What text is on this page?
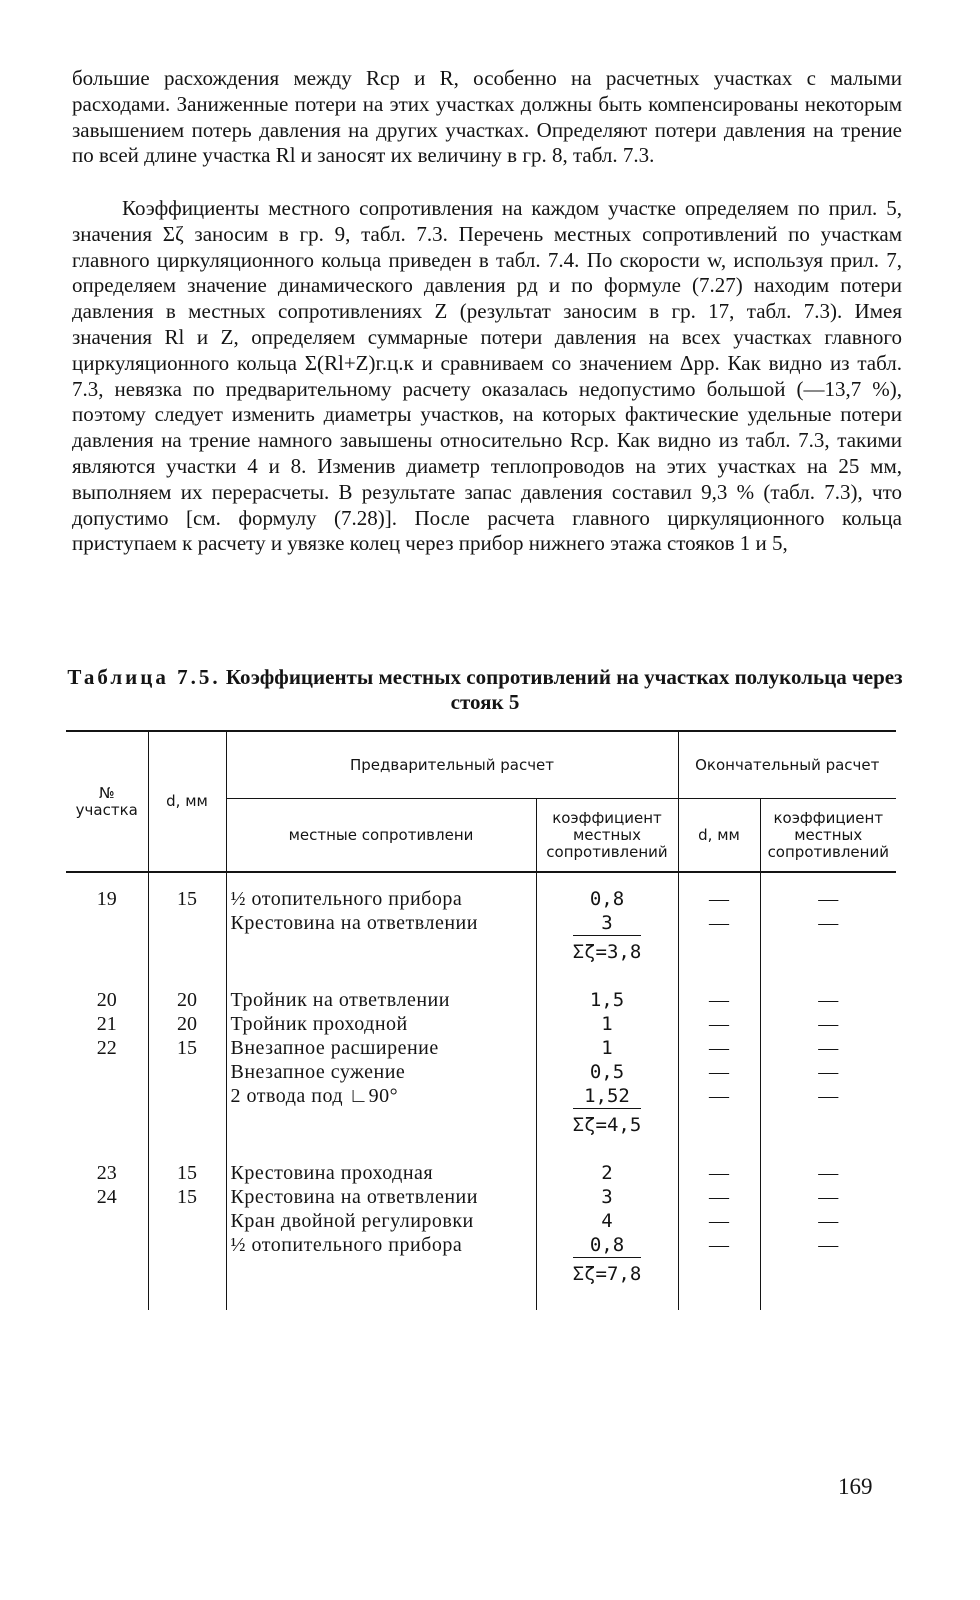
большие расхождения между Rср и R, особенно на расчетных участках с малыми расходами. Заниженные потери на этих участках должны быть компенсированы некоторым завышением потерь давления на других участках. Определяют потери давления на трение по всей длине участка Rl и заносят их величину в гр. 8, табл. 7.3.

Коэффициенты местного сопротивления на каждом участке определяем по прил. 5, значения Σζ заносим в гр. 9, табл. 7.3. Перечень местных сопротивлений по участкам главного циркуляционного кольца приведен в табл. 7.4. По скорости w, используя прил. 7, определяем значение динамического давления pд и по формуле (7.27) находим потери давления в местных сопротивлениях Z (результат заносим в гр. 17, табл. 7.3). Имея значения Rl и Z, определяем суммарные потери давления на всех участках главного циркуляционного кольца Σ(Rl+Z)г.ц.к и сравниваем со значением Δpр. Как видно из табл. 7.3, невязка по предварительному расчету оказалась недопустимо большой (—13,7 %), поэтому следует изменить диаметры участков, на которых фактические удельные потери давления на трение намного завышены относительно Rср. Как видно из табл. 7.3, такими являются участки 4 и 8. Изменив диаметр теплопроводов на этих участках на 25 мм, выполняем их перерасчеты. В результате запас давления составил 9,3 % (табл. 7.3), что допустимо [см. формулу (7.28)]. После расчета главного циркуляционного кольца приступаем к расчету и увязке колец через прибор нижнего этажа стояков 1 и 5,

Таблица 7.5. Коэффициенты местных сопротивлений на участках полукольца через стояк 5

№ участка	d, мм	Предварительный расчет		Окончательный расчет	
		местные сопротивлени	коэффициент местных сопротивлений	d, мм	коэффициент местных сопротивлений

19	15	½ отопительного прибора	0,8	—	—
		Крестовина на ответвлении	3	—	—
			Σζ=3,8		
20	20	Тройник на ответвлении	1,5	—	—
21	20	Тройник проходной	1	—	—
22	15	Внезапное расширение	1	—	—
		Внезапное сужение	0,5	—	—
		2 отвода под ∟90°	1,52	—	—
			Σζ=4,5		
23	15	Крестовина проходная	2	—	—
24	15	Крестовина на ответвлении	3	—	—
		Кран двойной регулировки	4	—	—
		½ отопительного прибора	0,8	—	—
			Σζ=7,8		
169
